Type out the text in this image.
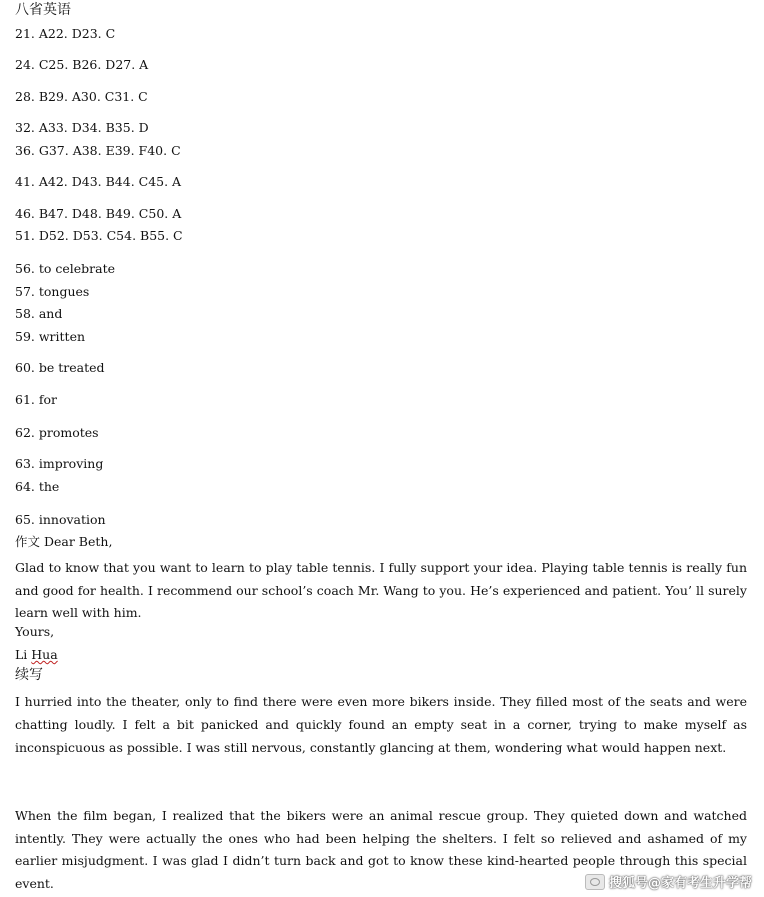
八省英语
21. A22. D23. C
24. C25. B26. D27. A
28. B29. A30. C31. C
32. A33. D34. B35. D
36. G37. A38. E39. F40. C
41. A42. D43. B44. C45. A
46. B47. D48. B49. C50. A
51. D52. D53. C54. B55. C
56. to celebrate
57. tongues
58. and
59. written
60. be treated
61. for
62. promotes
63. improving
64. the
65. innovation
作文 Dear Beth,
Glad to know that you want to learn to play table tennis. I fully support your idea. Playing table tennis is really fun and good for health. I recommend our school’s coach Mr. Wang to you. He’s experienced and patient. You’ ll surely learn well with him.
Yours,
Li Hua
续写
I hurried into the theater, only to find there were even more bikers inside. They filled most of the seats and were chatting loudly. I felt a bit panicked and quickly found an empty seat in a corner, trying to make myself as inconspicuous as possible. I was still nervous, constantly glancing at them, wondering what would happen next.
When the film began, I realized that the bikers were an animal rescue group. They quieted down and watched intently. They were actually the ones who had been helping the shelters. I felt so relieved and ashamed of my earlier misjudgment. I was glad I didn’t turn back and got to know these kind-hearted people through this special event.	搜狐号@家有考生升学帮
